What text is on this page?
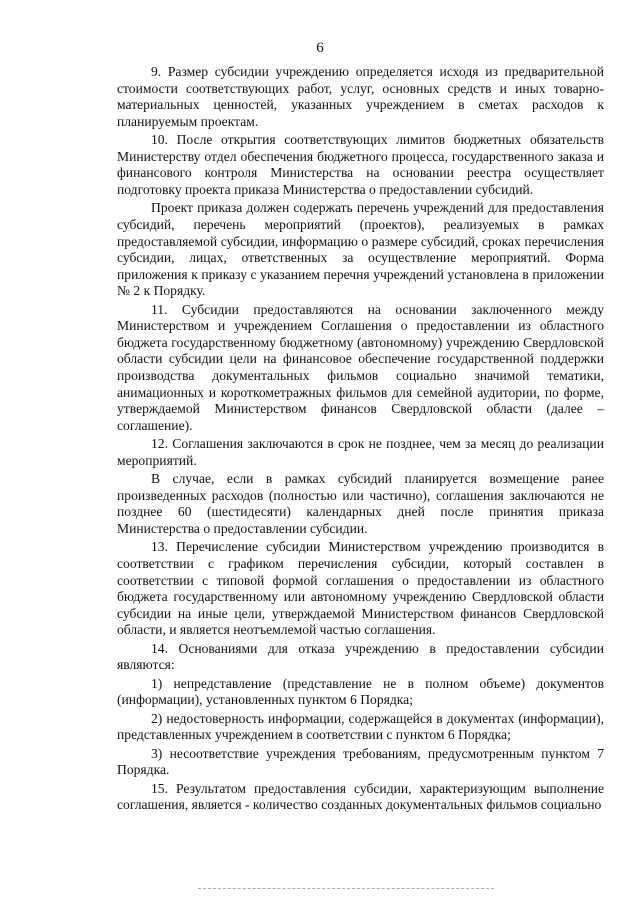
6

9. Размер субсидии учреждению определяется исходя из предварительной стоимости соответствующих работ, услуг, основных средств и иных товарно-материальных ценностей, указанных учреждением в сметах расходов к планируемым проектам.

10. После открытия соответствующих лимитов бюджетных обязательств Министерству отдел обеспечения бюджетного процесса, государственного заказа и финансового контроля Министерства на основании реестра осуществляет подготовку проекта приказа Министерства о предоставлении субсидий.

Проект приказа должен содержать перечень учреждений для предоставления субсидий, перечень мероприятий (проектов), реализуемых в рамках предоставляемой субсидии, информацию о размере субсидий, сроках перечисления субсидии, лицах, ответственных за осуществление мероприятий. Форма приложения к приказу с указанием перечня учреждений установлена в приложении № 2 к Порядку.

11. Субсидии предоставляются на основании заключенного между Министерством и учреждением Соглашения о предоставлении из областного бюджета государственному бюджетному (автономному) учреждению Свердловской области субсидии цели на финансовое обеспечение государственной поддержки производства документальных фильмов социально значимой тематики, анимационных и короткометражных фильмов для семейной аудитории, по форме, утверждаемой Министерством финансов Свердловской области (далее – соглашение).

12. Соглашения заключаются в срок не позднее, чем за месяц до реализации мероприятий.

В случае, если в рамках субсидий планируется возмещение ранее произведенных расходов (полностью или частично), соглашения заключаются не позднее 60 (шестидесяти) календарных дней после принятия приказа Министерства о предоставлении субсидии.

13. Перечисление субсидии Министерством учреждению производится в соответствии с графиком перечисления субсидии, который составлен в соответствии с типовой формой соглашения о предоставлении из областного бюджета государственному или автономному учреждению Свердловской области субсидии на иные цели, утверждаемой Министерством финансов Свердловской области, и является неотъемлемой частью соглашения.

14. Основаниями для отказа учреждению в предоставлении субсидии являются:

1) непредставление (представление не в полном объеме) документов (информации), установленных пунктом 6 Порядка;

2) недостоверность информации, содержащейся в документах (информации), представленных учреждением в соответствии с пунктом 6 Порядка;

3) несоответствие учреждения требованиям, предусмотренным пунктом 7 Порядка.

15. Результатом предоставления субсидии, характеризующим выполнение соглашения, является - количество созданных документальных фильмов социально
